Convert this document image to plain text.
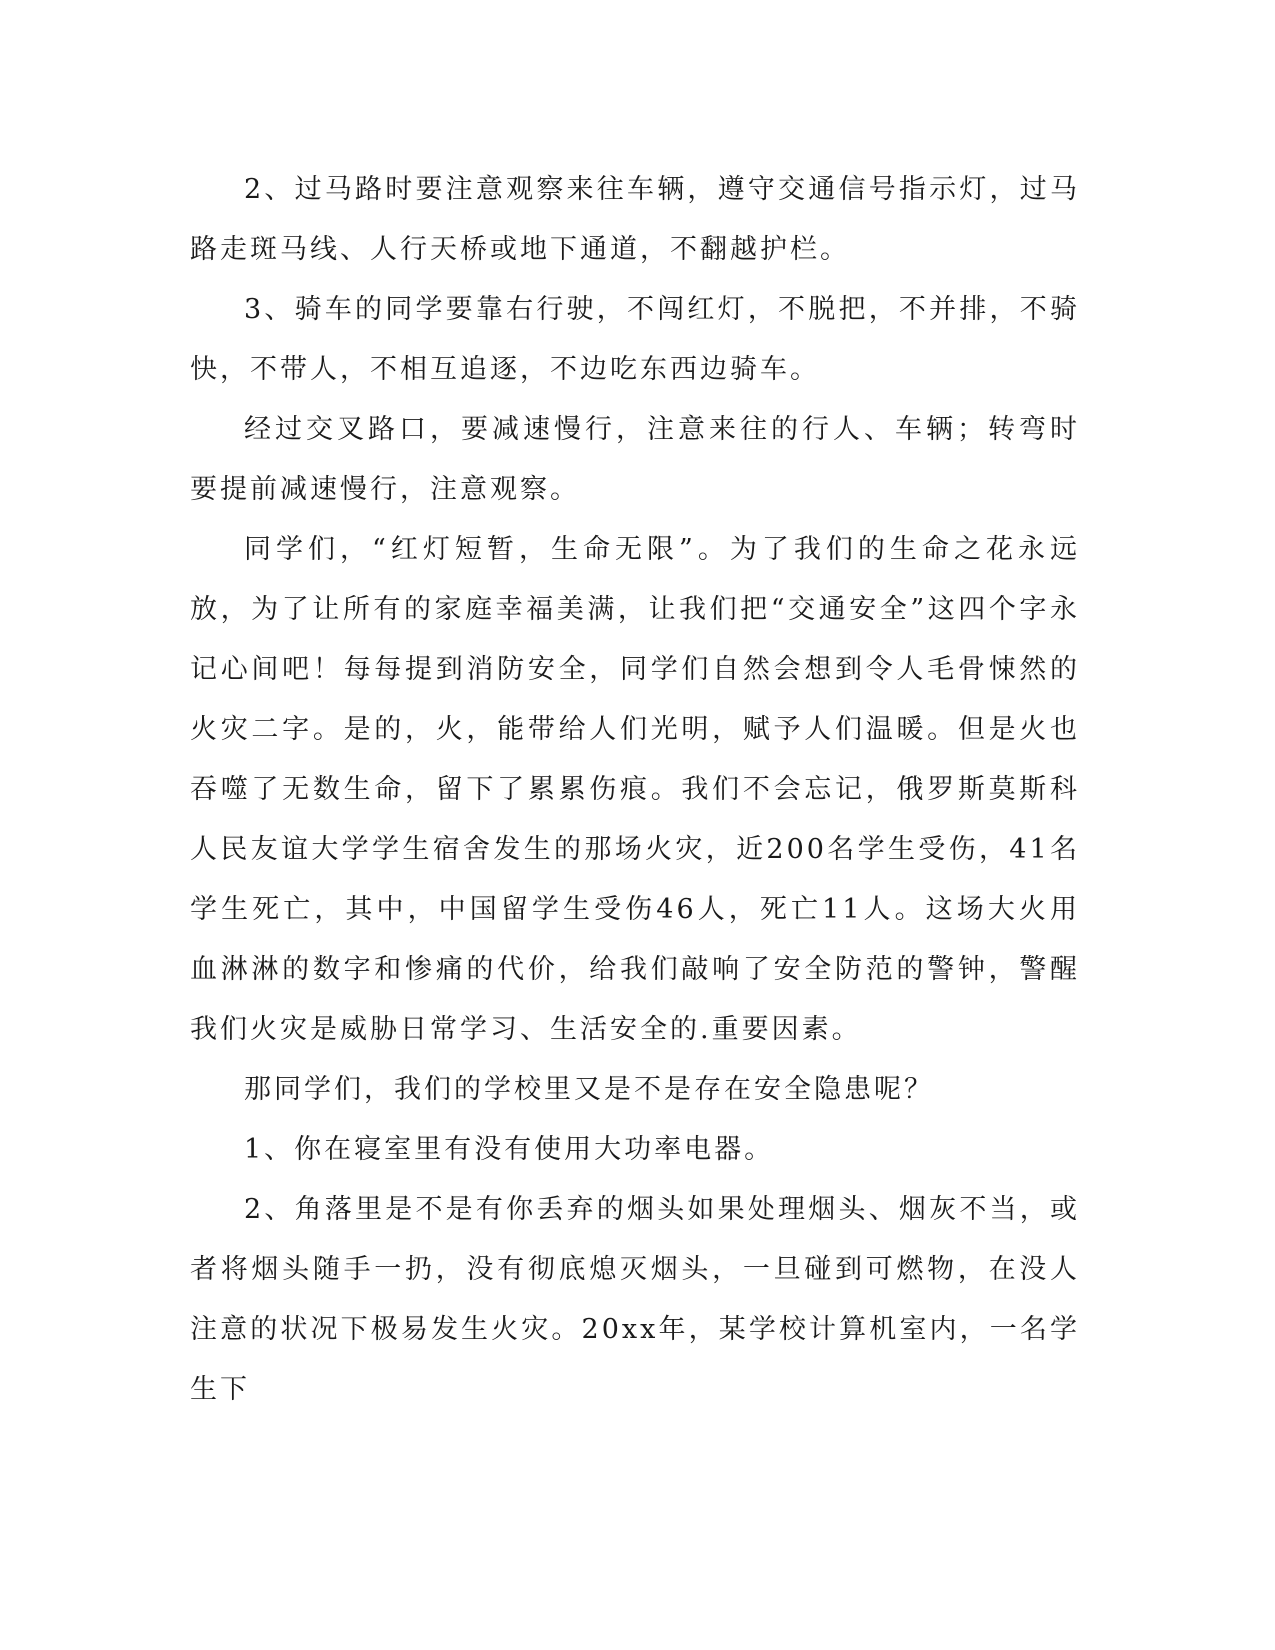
2、过马路时要注意观察来往车辆，遵守交通信号指示灯，过马路走斑马线、人行天桥或地下通道，不翻越护栏。

3、骑车的同学要靠右行驶，不闯红灯，不脱把，不并排，不骑快，不带人，不相互追逐，不边吃东西边骑车。

经过交叉路口，要减速慢行，注意来往的行人、车辆；转弯时要提前减速慢行，注意观察。

同学们，“红灯短暂，生命无限”。为了我们的生命之花永远放，为了让所有的家庭幸福美满，让我们把“交通安全”这四个字永记心间吧！每每提到消防安全，同学们自然会想到令人毛骨悚然的火灾二字。是的，火，能带给人们光明，赋予人们温暖。但是火也吞噬了无数生命，留下了累累伤痕。我们不会忘记，俄罗斯莫斯科人民友谊大学学生宿舍发生的那场火灾，近200名学生受伤，41名学生死亡，其中，中国留学生受伤46人，死亡11人。这场大火用血淋淋的数字和惨痛的代价，给我们敲响了安全防范的警钟，警醒我们火灾是威胁日常学习、生活安全的.重要因素。

那同学们，我们的学校里又是不是存在安全隐患呢？

1、你在寝室里有没有使用大功率电器。

2、角落里是不是有你丢弃的烟头如果处理烟头、烟灰不当，或者将烟头随手一扔，没有彻底熄灭烟头，一旦碰到可燃物，在没人注意的状况下极易发生火灾。20xx年，某学校计算机室内，一名学生下
